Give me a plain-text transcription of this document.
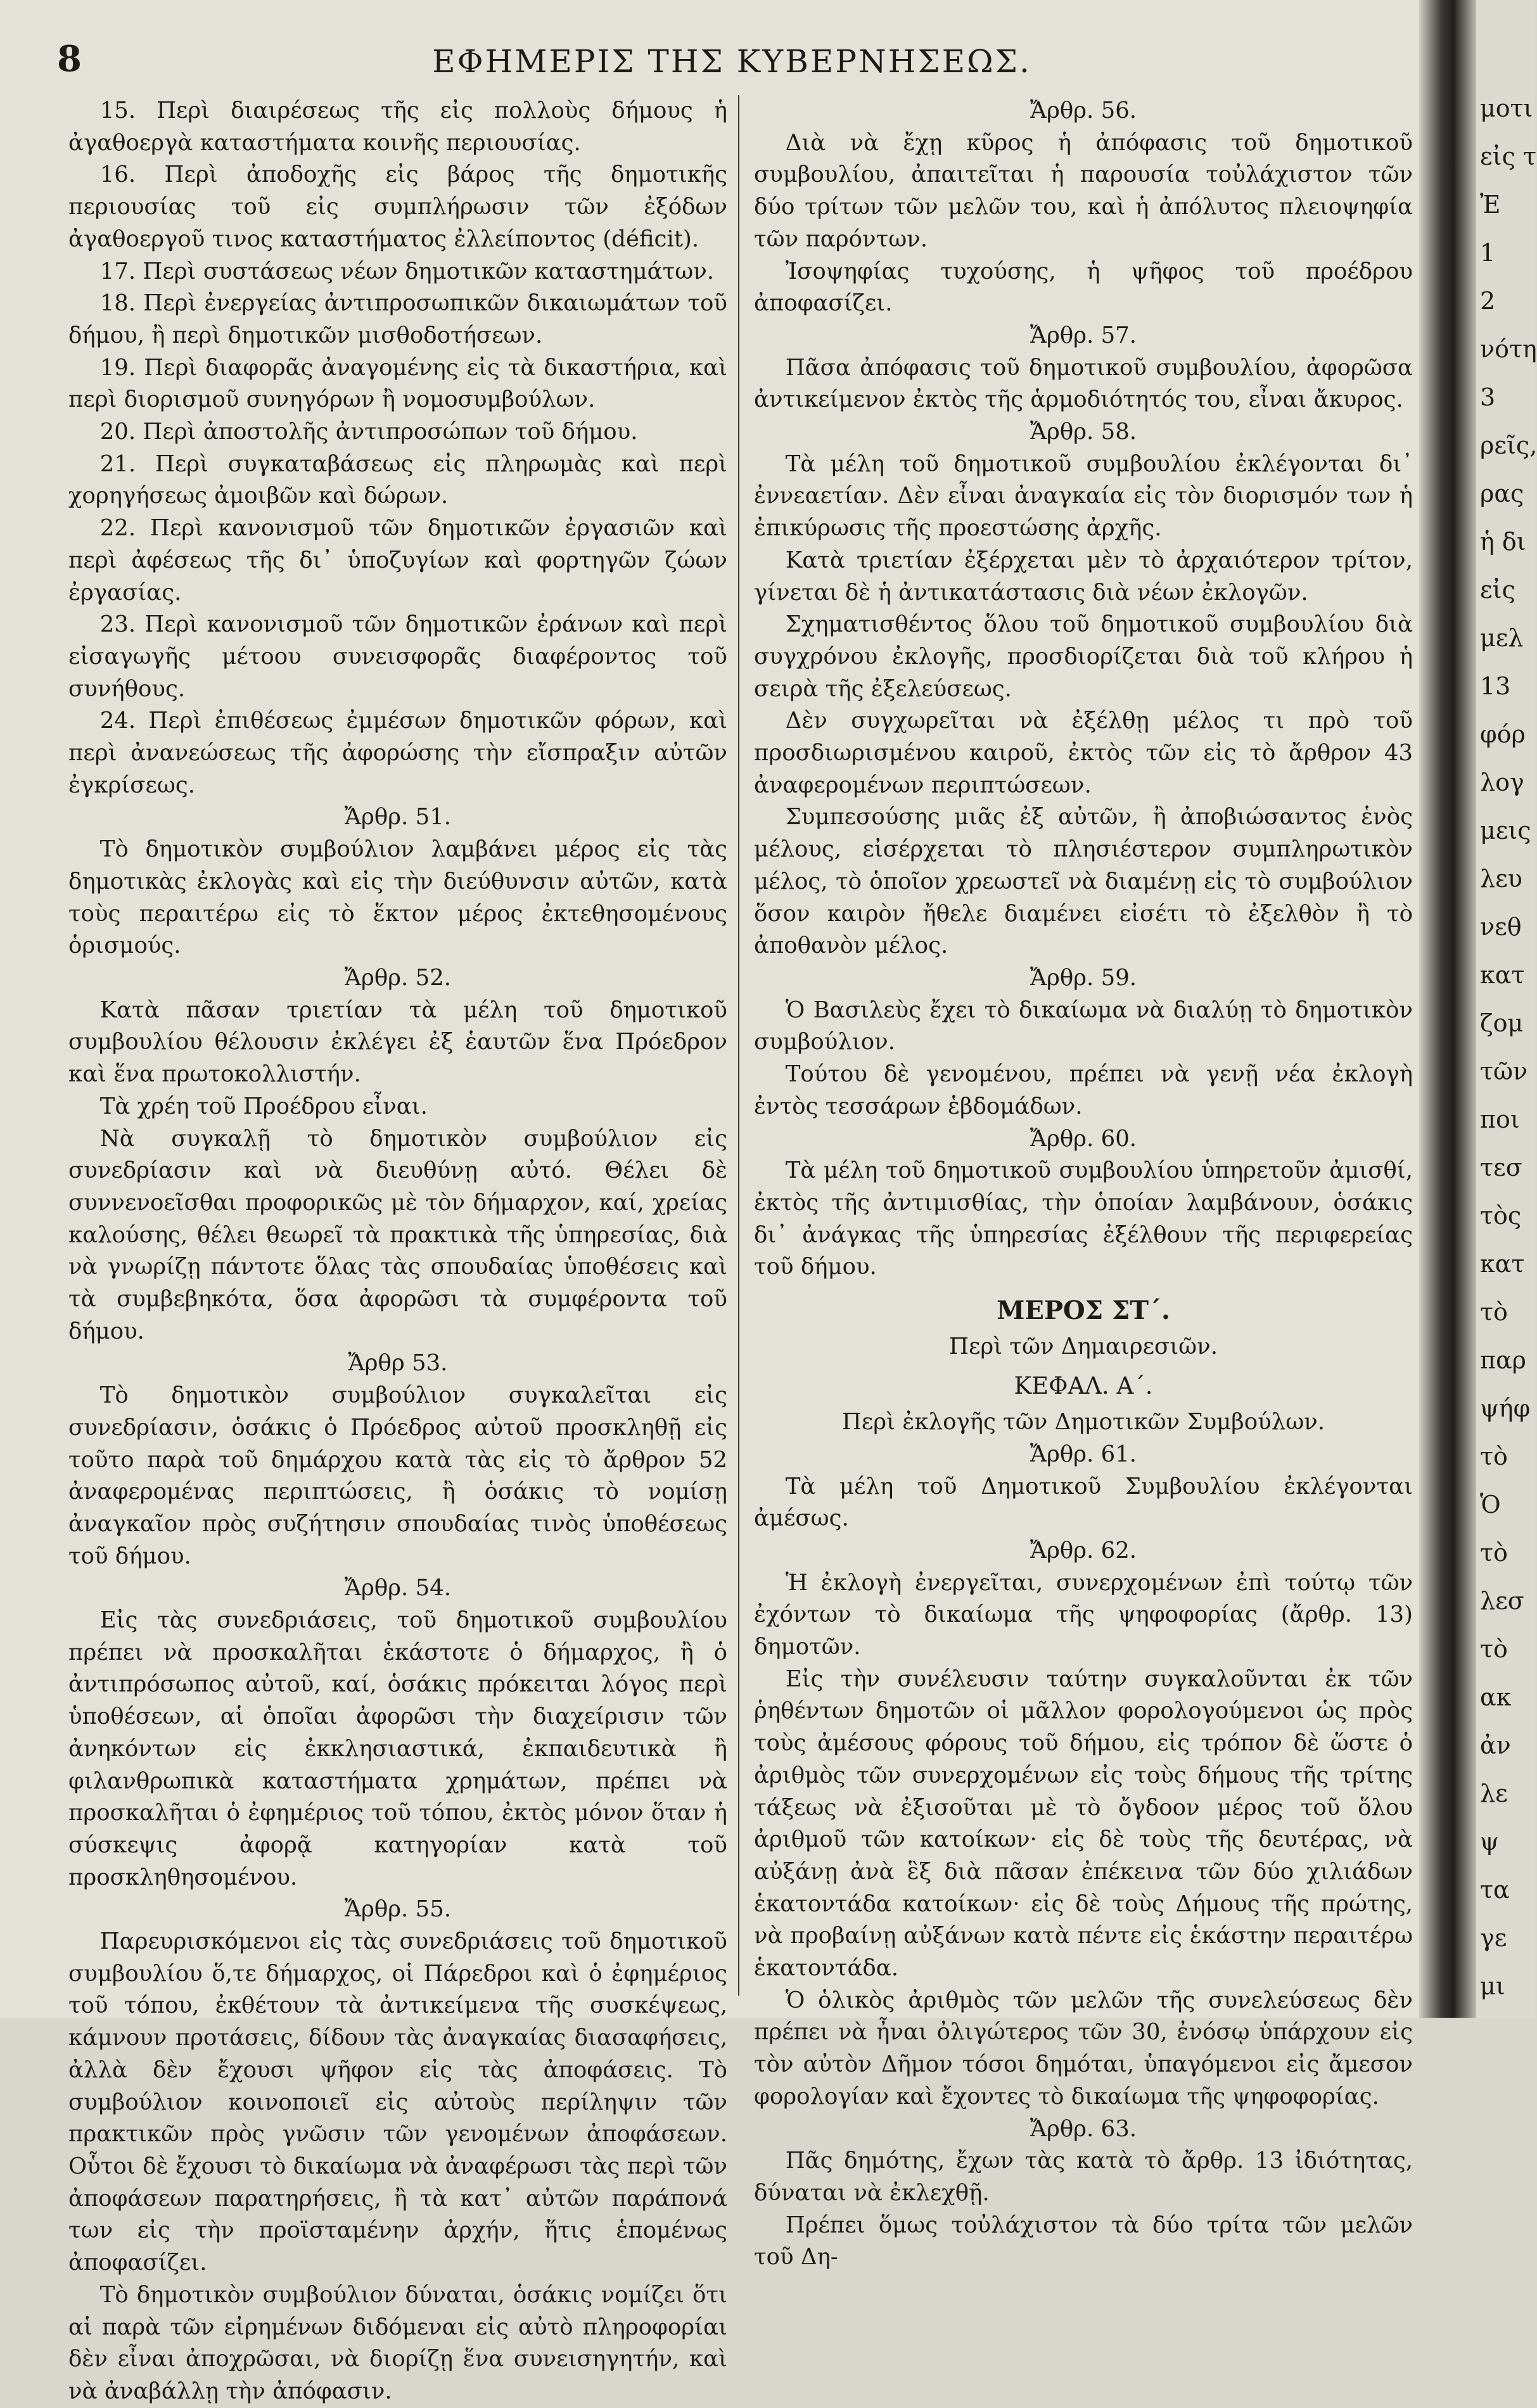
8	ΕΦΗΜΕΡΙΣ ΤΗΣ ΚΥΒΕΡΝΗΣΕΩΣ.

15. Περὶ διαιρέσεως τῆς εἰς πολλοὺς δήμους ἡ ἀγαθοεργὰ καταστήματα κοινῆς περιουσίας.

16. Περὶ ἀποδοχῆς εἰς βάρος τῆς δημοτικῆς περιουσίας τοῦ εἰς συμπλήρωσιν τῶν ἐξόδων ἀγαθοεργοῦ τινος καταστήματος ἐλλείποντος (déficit).

17. Περὶ συστάσεως νέων δημοτικῶν καταστημάτων.

18. Περὶ ἐνεργείας ἀντιπροσωπικῶν δικαιωμάτων τοῦ δήμου, ἢ περὶ δημοτικῶν μισθοδοτήσεων.

19. Περὶ διαφορᾶς ἀναγομένης εἰς τὰ δικαστήρια, καὶ περὶ διορισμοῦ συνηγόρων ἢ νομοσυμβούλων.

20. Περὶ ἀποστολῆς ἀντιπροσώπων τοῦ δήμου.

21. Περὶ συγκαταβάσεως εἰς πληρωμὰς καὶ περὶ χορηγήσεως ἀμοιβῶν καὶ δώρων.

22. Περὶ κανονισμοῦ τῶν δημοτικῶν ἐργασιῶν καὶ περὶ ἀφέσεως τῆς δι᾽ ὑποζυγίων καὶ φορτηγῶν ζώων ἐργασίας.

23. Περὶ κανονισμοῦ τῶν δημοτικῶν ἐράνων καὶ περὶ εἰσαγωγῆς μέτοου συνεισφορᾶς διαφέροντος τοῦ συνήθους.

24. Περὶ ἐπιθέσεως ἐμμέσων δημοτικῶν φόρων, καὶ περὶ ἀνανεώσεως τῆς ἀφορώσης τὴν εἴσπραξιν αὐτῶν ἐγκρίσεως.

Ἄρθρ. 51.

Τὸ δημοτικὸν συμβούλιον λαμβάνει μέρος εἰς τὰς δημοτικὰς ἐκλογὰς καὶ εἰς τὴν διεύθυνσιν αὐτῶν, κατὰ τοὺς περαιτέρω εἰς τὸ ἕκτον μέρος ἐκτεθησομένους ὁρισμούς.

Ἄρθρ. 52.

Κατὰ πᾶσαν τριετίαν τὰ μέλη τοῦ δημοτικοῦ συμβουλίου θέλουσιν ἐκλέγει ἐξ ἑαυτῶν ἕνα Πρόεδρον καὶ ἕνα πρωτοκολλιστήν.

Τὰ χρέη τοῦ Προέδρου εἶναι.

Νὰ συγκαλῇ τὸ δημοτικὸν συμβούλιον εἰς συνεδρίασιν καὶ νὰ διευθύνῃ αὐτό. Θέλει δὲ συννενοεῖσθαι προφορικῶς μὲ τὸν δήμαρχον, καί, χρείας καλούσης, θέλει θεωρεῖ τὰ πρακτικὰ τῆς ὑπηρεσίας, διὰ νὰ γνωρίζῃ πάντοτε ὅλας τὰς σπουδαίας ὑποθέσεις καὶ τὰ συμβεβηκότα, ὅσα ἀφορῶσι τὰ συμφέροντα τοῦ δήμου.

Ἄρθρ 53.

Τὸ δημοτικὸν συμβούλιον συγκαλεῖται εἰς συνεδρίασιν, ὁσάκις ὁ Πρόεδρος αὐτοῦ προσκληθῇ εἰς τοῦτο παρὰ τοῦ δημάρχου κατὰ τὰς εἰς τὸ ἄρθρον 52 ἀναφερομένας περιπτώσεις, ἢ ὁσάκις τὸ νομίσῃ ἀναγκαῖον πρὸς συζήτησιν σπουδαίας τινὸς ὑποθέσεως τοῦ δήμου.

Ἄρθρ. 54.

Εἰς τὰς συνεδριάσεις, τοῦ δημοτικοῦ συμβουλίου πρέπει νὰ προσκαλῆται ἑκάστοτε ὁ δήμαρχος, ἢ ὁ ἀντιπρόσωπος αὐτοῦ, καί, ὁσάκις πρόκειται λόγος περὶ ὑποθέσεων, αἱ ὁποῖαι ἀφορῶσι τὴν διαχείρισιν τῶν ἀνηκόντων εἰς ἐκκλησιαστικά, ἐκπαιδευτικὰ ἢ φιλανθρωπικὰ καταστήματα χρημάτων, πρέπει νὰ προσκαλῆται ὁ ἐφημέριος τοῦ τόπου, ἐκτὸς μόνον ὅταν ἡ σύσκεψις ἀφορᾷ κατηγορίαν κατὰ τοῦ προσκληθησομένου.

Ἄρθρ. 55.

Παρευρισκόμενοι εἰς τὰς συνεδριάσεις τοῦ δημοτικοῦ συμβουλίου ὅ,τε δήμαρχος, οἱ Πάρεδροι καὶ ὁ ἐφημέριος τοῦ τόπου, ἐκθέτουν τὰ ἀντικείμενα τῆς συσκέψεως, κάμνουν προτάσεις, δίδουν τὰς ἀναγκαίας διασαφήσεις, ἀλλὰ δὲν ἔχουσι ψῆφον εἰς τὰς ἀποφάσεις. Τὸ συμβούλιον κοινοποιεῖ εἰς αὐτοὺς περίληψιν τῶν πρακτικῶν πρὸς γνῶσιν τῶν γενομένων ἀποφάσεων. Οὗτοι δὲ ἔχουσι τὸ δικαίωμα νὰ ἀναφέρωσι τὰς περὶ τῶν ἀποφάσεων παρατηρήσεις, ἢ τὰ κατ᾽ αὐτῶν παράπονά των εἰς τὴν προϊσταμένην ἀρχήν, ἥτις ἑπομένως ἀποφασίζει.

Τὸ δημοτικὸν συμβούλιον δύναται, ὁσάκις νομίζει ὅτι αἱ παρὰ τῶν εἰρημένων διδόμεναι εἰς αὐτὸ πληροφορίαι δὲν εἶναι ἀποχρῶσαι, νὰ διορίζῃ ἕνα συνεισηγητήν, καὶ νὰ ἀναβάλλῃ τὴν ἀπόφασιν.

Ἄρθρ. 56.

Διὰ νὰ ἔχῃ κῦρος ἡ ἀπόφασις τοῦ δημοτικοῦ συμβουλίου, ἀπαιτεῖται ἡ παρουσία τοὐλάχιστον τῶν δύο τρίτων τῶν μελῶν του, καὶ ἡ ἀπόλυτος πλειοψηφία τῶν παρόντων.

Ἰσοψηφίας τυχούσης, ἡ ψῆφος τοῦ προέδρου ἀποφασίζει.

Ἄρθρ. 57.

Πᾶσα ἀπόφασις τοῦ δημοτικοῦ συμβουλίου, ἀφορῶσα ἀντικείμενον ἐκτὸς τῆς ἁρμοδιότητός του, εἶναι ἄκυρος.

Ἄρθρ. 58.

Τὰ μέλη τοῦ δημοτικοῦ συμβουλίου ἐκλέγονται δι᾽ ἐννεαετίαν. Δὲν εἶναι ἀναγκαία εἰς τὸν διορισμόν των ἡ ἐπικύρωσις τῆς προεστώσης ἀρχῆς.

Κατὰ τριετίαν ἐξέρχεται μὲν τὸ ἀρχαιότερον τρίτον, γίνεται δὲ ἡ ἀντικατάστασις διὰ νέων ἐκλογῶν.

Σχηματισθέντος ὅλου τοῦ δημοτικοῦ συμβουλίου διὰ συγχρόνου ἐκλογῆς, προσδιορίζεται διὰ τοῦ κλήρου ἡ σειρὰ τῆς ἐξελεύσεως.

Δὲν συγχωρεῖται νὰ ἐξέλθῃ μέλος τι πρὸ τοῦ προσδιωρισμένου καιροῦ, ἐκτὸς τῶν εἰς τὸ ἄρθρον 43 ἀναφερομένων περιπτώσεων.

Συμπεσούσης μιᾶς ἐξ αὐτῶν, ἢ ἀποβιώσαντος ἑνὸς μέλους, εἰσέρχεται τὸ πλησιέστερον συμπληρωτικὸν μέλος, τὸ ὁποῖον χρεωστεῖ νὰ διαμένῃ εἰς τὸ συμβούλιον ὅσον καιρὸν ἤθελε διαμένει εἰσέτι τὸ ἐξελθὸν ἢ τὸ ἀποθανὸν μέλος.

Ἄρθρ. 59.

Ὁ Βασιλεὺς ἔχει τὸ δικαίωμα νὰ διαλύῃ τὸ δημοτικὸν συμβούλιον.

Τούτου δὲ γενομένου, πρέπει νὰ γενῇ νέα ἐκλογὴ ἐντὸς τεσσάρων ἑβδομάδων.

Ἄρθρ. 60.

Τὰ μέλη τοῦ δημοτικοῦ συμβουλίου ὑπηρετοῦν ἀμισθί, ἐκτὸς τῆς ἀντιμισθίας, τὴν ὁποίαν λαμβάνουν, ὁσάκις δι᾽ ἀνάγκας τῆς ὑπηρεσίας ἐξέλθουν τῆς περιφερείας τοῦ δήμου.

ΜΕΡΟΣ ΣΤ΄.
Περὶ τῶν Δημαιρεσιῶν.
ΚΕΦΑΛ. Α΄.
Περὶ ἐκλογῆς τῶν Δημοτικῶν Συμβούλων.
Ἄρθρ. 61.

Τὰ μέλη τοῦ Δημοτικοῦ Συμβουλίου ἐκλέγονται ἀμέσως.

Ἄρθρ. 62.

Ἡ ἐκλογὴ ἐνεργεῖται, συνερχομένων ἐπὶ τούτῳ τῶν ἐχόντων τὸ δικαίωμα τῆς ψηφοφορίας (ἄρθρ. 13) δημοτῶν.

Εἰς τὴν συνέλευσιν ταύτην συγκαλοῦνται ἐκ τῶν ῥηθέντων δημοτῶν οἱ μᾶλλον φορολογούμενοι ὡς πρὸς τοὺς ἀμέσους φόρους τοῦ δήμου, εἰς τρόπον δὲ ὥστε ὁ ἀριθμὸς τῶν συνερχομένων εἰς τοὺς δήμους τῆς τρίτης τάξεως νὰ ἐξισοῦται μὲ τὸ ὄγδοον μέρος τοῦ ὅλου ἀριθμοῦ τῶν κατοίκων· εἰς δὲ τοὺς τῆς δευτέρας, νὰ αὐξάνῃ ἀνὰ ἓξ διὰ πᾶσαν ἐπέκεινα τῶν δύο χιλιάδων ἑκατοντάδα κατοίκων· εἰς δὲ τοὺς Δήμους τῆς πρώτης, νὰ προβαίνῃ αὐξάνων κατὰ πέντε εἰς ἑκάστην περαιτέρω ἑκατοντάδα.

Ὁ ὁλικὸς ἀριθμὸς τῶν μελῶν τῆς συνελεύσεως δὲν πρέπει νὰ ἦναι ὀλιγώτερος τῶν 30, ἐνόσῳ ὑπάρχουν εἰς τὸν αὐτὸν Δῆμον τόσοι δημόται, ὑπαγόμενοι εἰς ἄμεσον φορολογίαν καὶ ἔχοντες τὸ δικαίωμα τῆς ψηφοφορίας.

Ἄρθρ. 63.

Πᾶς δημότης, ἔχων τὰς κατὰ τὸ ἄρθρ. 13 ἰδιότητας, δύναται νὰ ἐκλεχθῇ.

Πρέπει ὅμως τοὐλάχιστον τὰ δύο τρίτα τῶν μελῶν τοῦ Δη-

μοτι
εἰς τ
Ἐ
1
2
νότη
3
ρεῖς,
ρας
ἡ δι
εἰς
μελ
13
φόρ
λογ
μεις
λευ
νεθ
κατ
ζομ
τῶν
ποι
τεσ
τὸς
κατ
τὸ
παρ
ψήφ
τὸ
Ὁ
τὸ
λεσ
τὸ
ακ
ἀν
λε
ψ
τα
γε
μι
